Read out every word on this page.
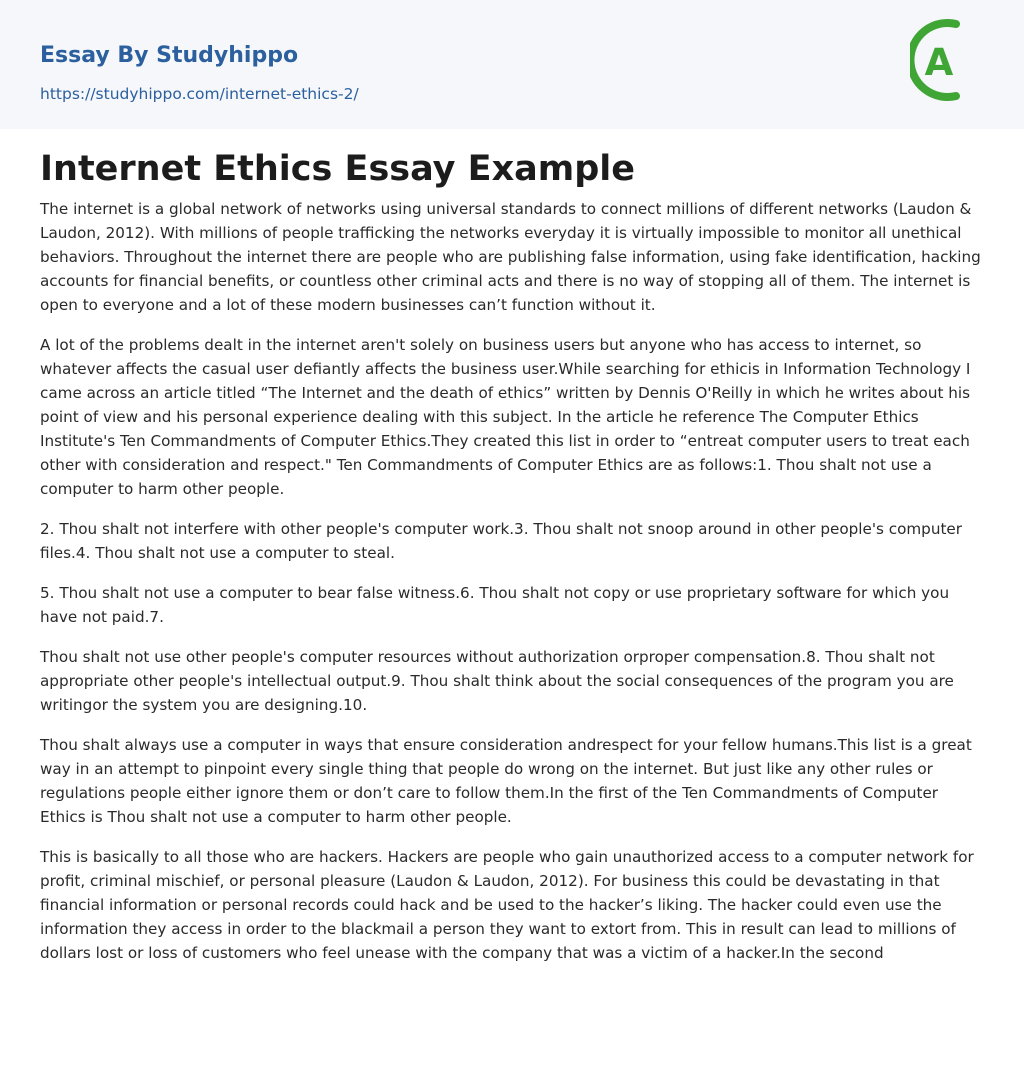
Essay By Studyhippo
https://studyhippo.com/internet-ethics-2/
A
Internet Ethics Essay Example

The internet is a global network of networks using universal standards to connect millions of different networks (Laudon & Laudon, 2012). With millions of people trafficking the networks everyday it is virtually impossible to monitor all unethical behaviors. Throughout the internet there are people who are publishing false information, using fake identification, hacking accounts for financial benefits, or countless other criminal acts and there is no way of stopping all of them. The internet is open to everyone and a lot of these modern businesses can’t function without it.

A lot of the problems dealt in the internet aren't solely on business users but anyone who has access to internet, so whatever affects the casual user defiantly affects the business user.While searching for ethicis in Information Technology I came across an article titled “The Internet and the death of ethics” written by Dennis O'Reilly in which he writes about his point of view and his personal experience dealing with this subject. In the article he reference The Computer Ethics Institute's Ten Commandments of Computer Ethics.They created this list in order to “entreat computer users to treat each other with consideration and respect." Ten Commandments of Computer Ethics are as follows:1. Thou shalt not use a computer to harm other people.

2. Thou shalt not interfere with other people's computer work.3. Thou shalt not snoop around in other people's computer files.4. Thou shalt not use a computer to steal.

5. Thou shalt not use a computer to bear false witness.6. Thou shalt not copy or use proprietary software for which you have not paid.7.

Thou shalt not use other people's computer resources without authorization orproper compensation.8. Thou shalt not appropriate other people's intellectual output.9. Thou shalt think about the social consequences of the program you are writingor the system you are designing.10.

Thou shalt always use a computer in ways that ensure consideration andrespect for your fellow humans.This list is a great way in an attempt to pinpoint every single thing that people do wrong on the internet. But just like any other rules or regulations people either ignore them or don’t care to follow them.In the first of the Ten Commandments of Computer Ethics is Thou shalt not use a computer to harm other people.

This is basically to all those who are hackers. Hackers are people who gain unauthorized access to a computer network for profit, criminal mischief, or personal pleasure (Laudon & Laudon, 2012). For business this could be devastating in that financial information or personal records could hack and be used to the hacker’s liking. The hacker could even use the information they access in order to the blackmail a person they want to extort from. This in result can lead to millions of dollars lost or loss of customers who feel unease with the company that was a victim of a hacker.In the second
